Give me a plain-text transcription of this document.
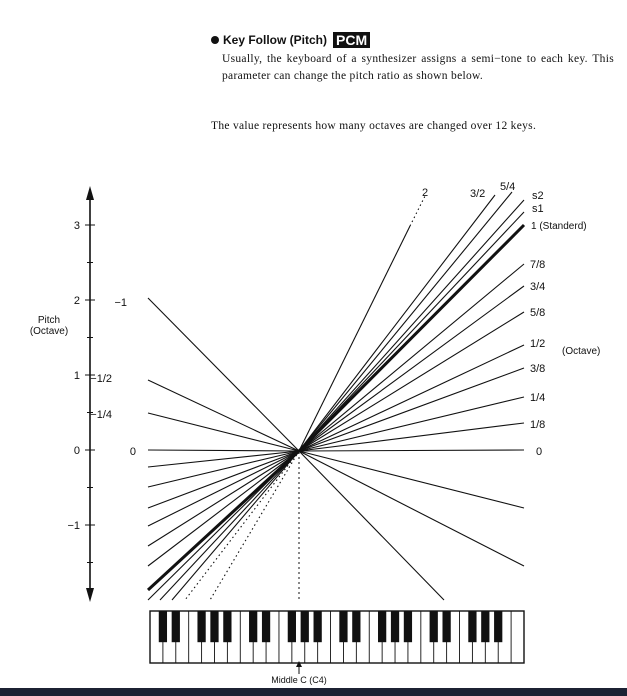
Key Follow (Pitch) PCM
Usually, the keyboard of a synthesizer assigns a semi−tone to each key. This parameter can change the pitch ratio as shown below.
The value represents how many octaves are changed over 12 keys.
3
2
1
0
−1
Pitch
(Octave)
(Octave)
2	3/2
5/4
s2
s1
1 (Standerd)
7/8
3/4
5/8
1/2
3/8
1/4
1/8
0
−1
−1/2
−1/4
0
Middle C (C4)
